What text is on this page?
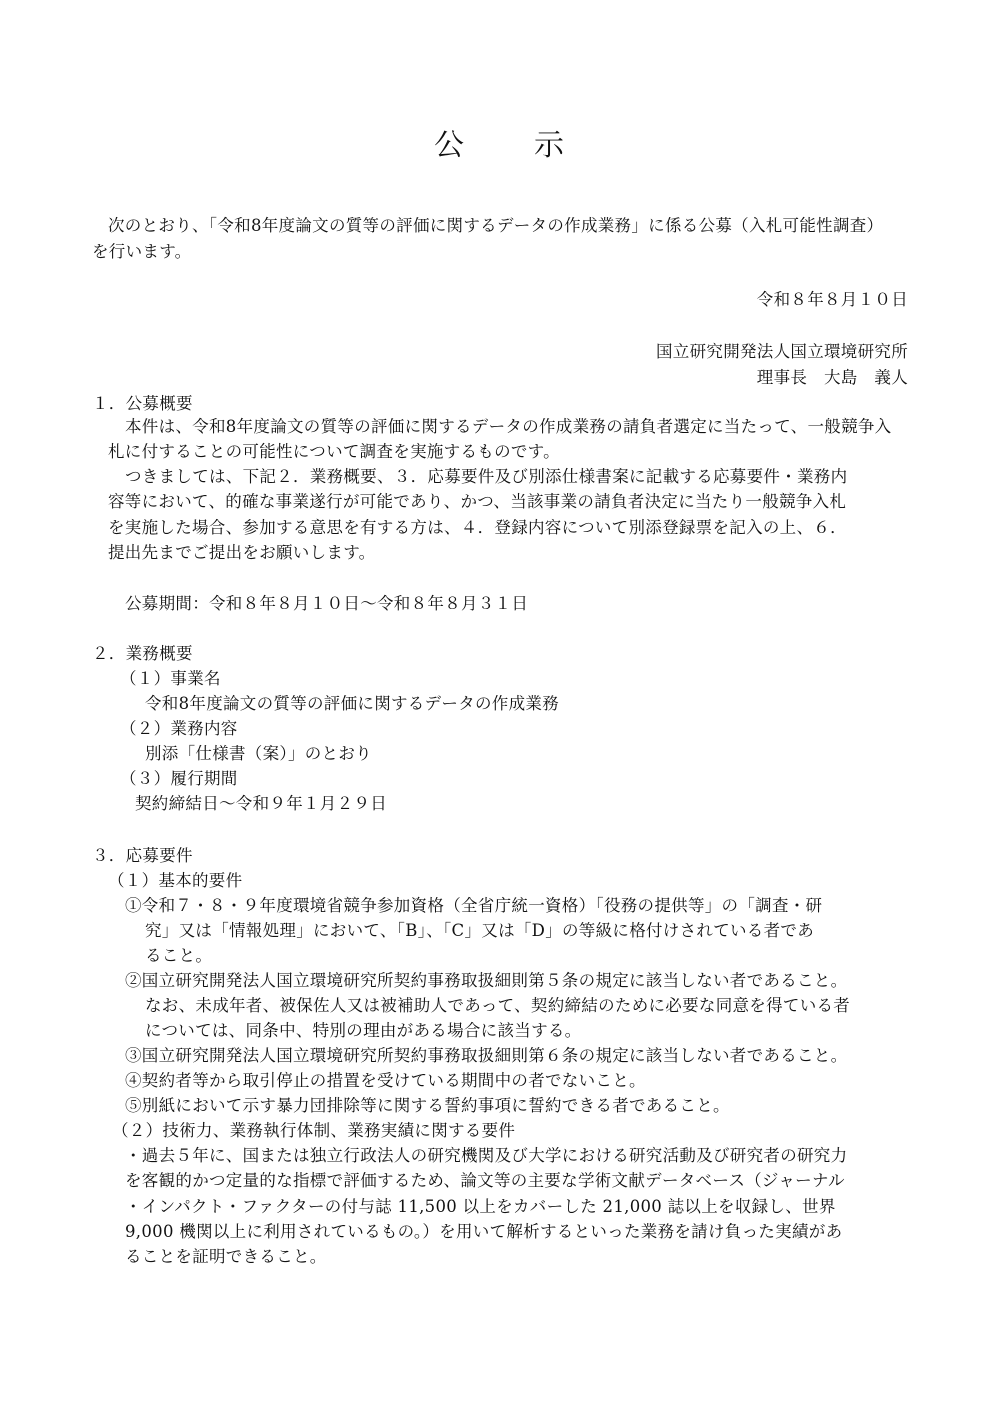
公 示
次のとおり、「令和8年度論文の質等の評価に関するデータの作成業務」に係る公募（入札可能性調査）
を行います。
令和８年８月１０日
国立研究開発法人国立環境研究所
理事長　大島　義人
１．公募概要
本件は、令和8年度論文の質等の評価に関するデータの作成業務の請負者選定に当たって、一般競争入
札に付することの可能性について調査を実施するものです。
つきましては、下記２．業務概要、３．応募要件及び別添仕様書案に記載する応募要件・業務内
容等において、的確な事業遂行が可能であり、かつ、当該事業の請負者決定に当たり一般競争入札
を実施した場合、参加する意思を有する方は、４．登録内容について別添登録票を記入の上、６．
提出先までご提出をお願いします。
公募期間：令和８年８月１０日～令和８年８月３１日
２．業務概要
（１）事業名
令和8年度論文の質等の評価に関するデータの作成業務
（２）業務内容
別添「仕様書（案）」のとおり
（３）履行期間
契約締結日～令和９年１月２９日
３．応募要件
（１）基本的要件
①令和７・８・９年度環境省競争参加資格（全省庁統一資格）「役務の提供等」の「調査・研
究」又は「情報処理」において、「B」、「C」又は「D」の等級に格付けされている者であ
ること。
②国立研究開発法人国立環境研究所契約事務取扱細則第５条の規定に該当しない者であること。
なお、未成年者、被保佐人又は被補助人であって、契約締結のために必要な同意を得ている者
については、同条中、特別の理由がある場合に該当する。
③国立研究開発法人国立環境研究所契約事務取扱細則第６条の規定に該当しない者であること。
④契約者等から取引停止の措置を受けている期間中の者でないこと。
⑤別紙において示す暴力団排除等に関する誓約事項に誓約できる者であること。
（２）技術力、業務執行体制、業務実績に関する要件
・過去５年に、国または独立行政法人の研究機関及び大学における研究活動及び研究者の研究力
を客観的かつ定量的な指標で評価するため、論文等の主要な学術文献データベース（ジャーナル
・インパクト・ファクターの付与誌 11,500 以上をカバーした 21,000 誌以上を収録し、世界
9,000 機関以上に利用されているもの。）を用いて解析するといった業務を請け負った実績があ
ることを証明できること。
